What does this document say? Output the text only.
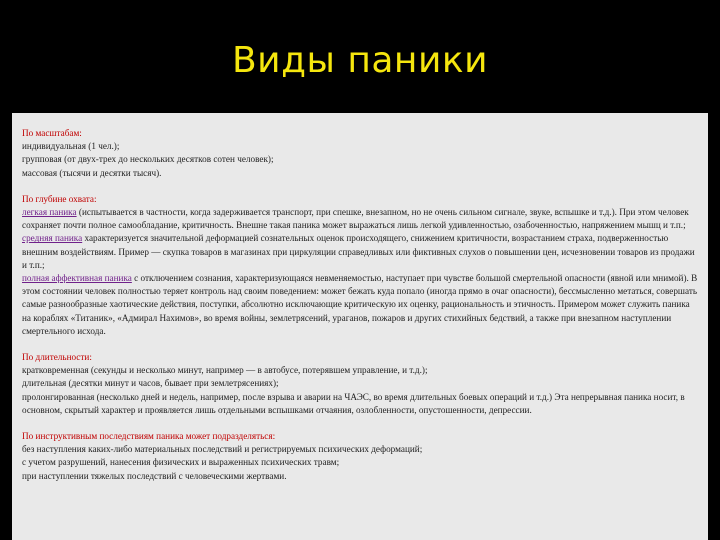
Виды паники

По масштабам:

индивидуальная (1 чел.);

групповая (от двух-трех до нескольких десятков сотен человек);

массовая (тысячи и десятки тысяч).

По глубине охвата:

легкая паника (испытывается в частности, когда задерживается транспорт, при спешке, внезапном, но не очень сильном сигнале, звуке, вспышке и т.д.). При этом человек сохраняет почти полное самообладание, критичность. Внешне такая паника может выражаться лишь легкой удивленностью, озабоченностью, напряжением мышц и т.п.;

средняя паника характеризуется значительной деформацией сознательных оценок происходящего, снижением критичности, возрастанием страха, подверженностью внешним воздействиям. Пример — скупка товаров в магазинах при циркуляции справедливых или фиктивных слухов о повышении цен, исчезновении товаров из продажи и т.п.;

полная аффективная паника с отключением сознания, характеризующаяся невменяемостью, наступает при чувстве большой смертельной опасности (явной или мнимой). В этом состоянии человек полностью теряет контроль над своим поведением: может бежать куда попало (иногда прямо в очаг опасности), бессмысленно метаться, совершать самые разнообразные хаотические действия, поступки, абсолютно исключающие критическую их оценку, рациональность и этичность. Примером может служить паника на кораблях «Титаник», «Адмирал Нахимов», во время войны, землетрясений, ураганов, пожаров и других стихийных бедствий, а также при внезапном наступлении смертельного исхода.

По длительности:

кратковременная (секунды и несколько минут, например — в автобусе, потерявшем управление, и т.д.);

длительная (десятки минут и часов, бывает при землетрясениях);

пролонгированная (несколько дней и недель, например, после взрыва и аварии на ЧАЭС, во время длительных боевых операций и т.д.) Эта непрерывная паника носит, в основном, скрытый характер и проявляется лишь отдельными вспышками отчаяния, озлобленности, опустошенности, депрессии.

По инструктивным последствиям паника может подразделяться:

без наступления каких-либо материальных последствий и регистрируемых психических деформаций;

с учетом разрушений, нанесения физических и выраженных психических травм;

при наступлении тяжелых последствий с человеческими жертвами.
